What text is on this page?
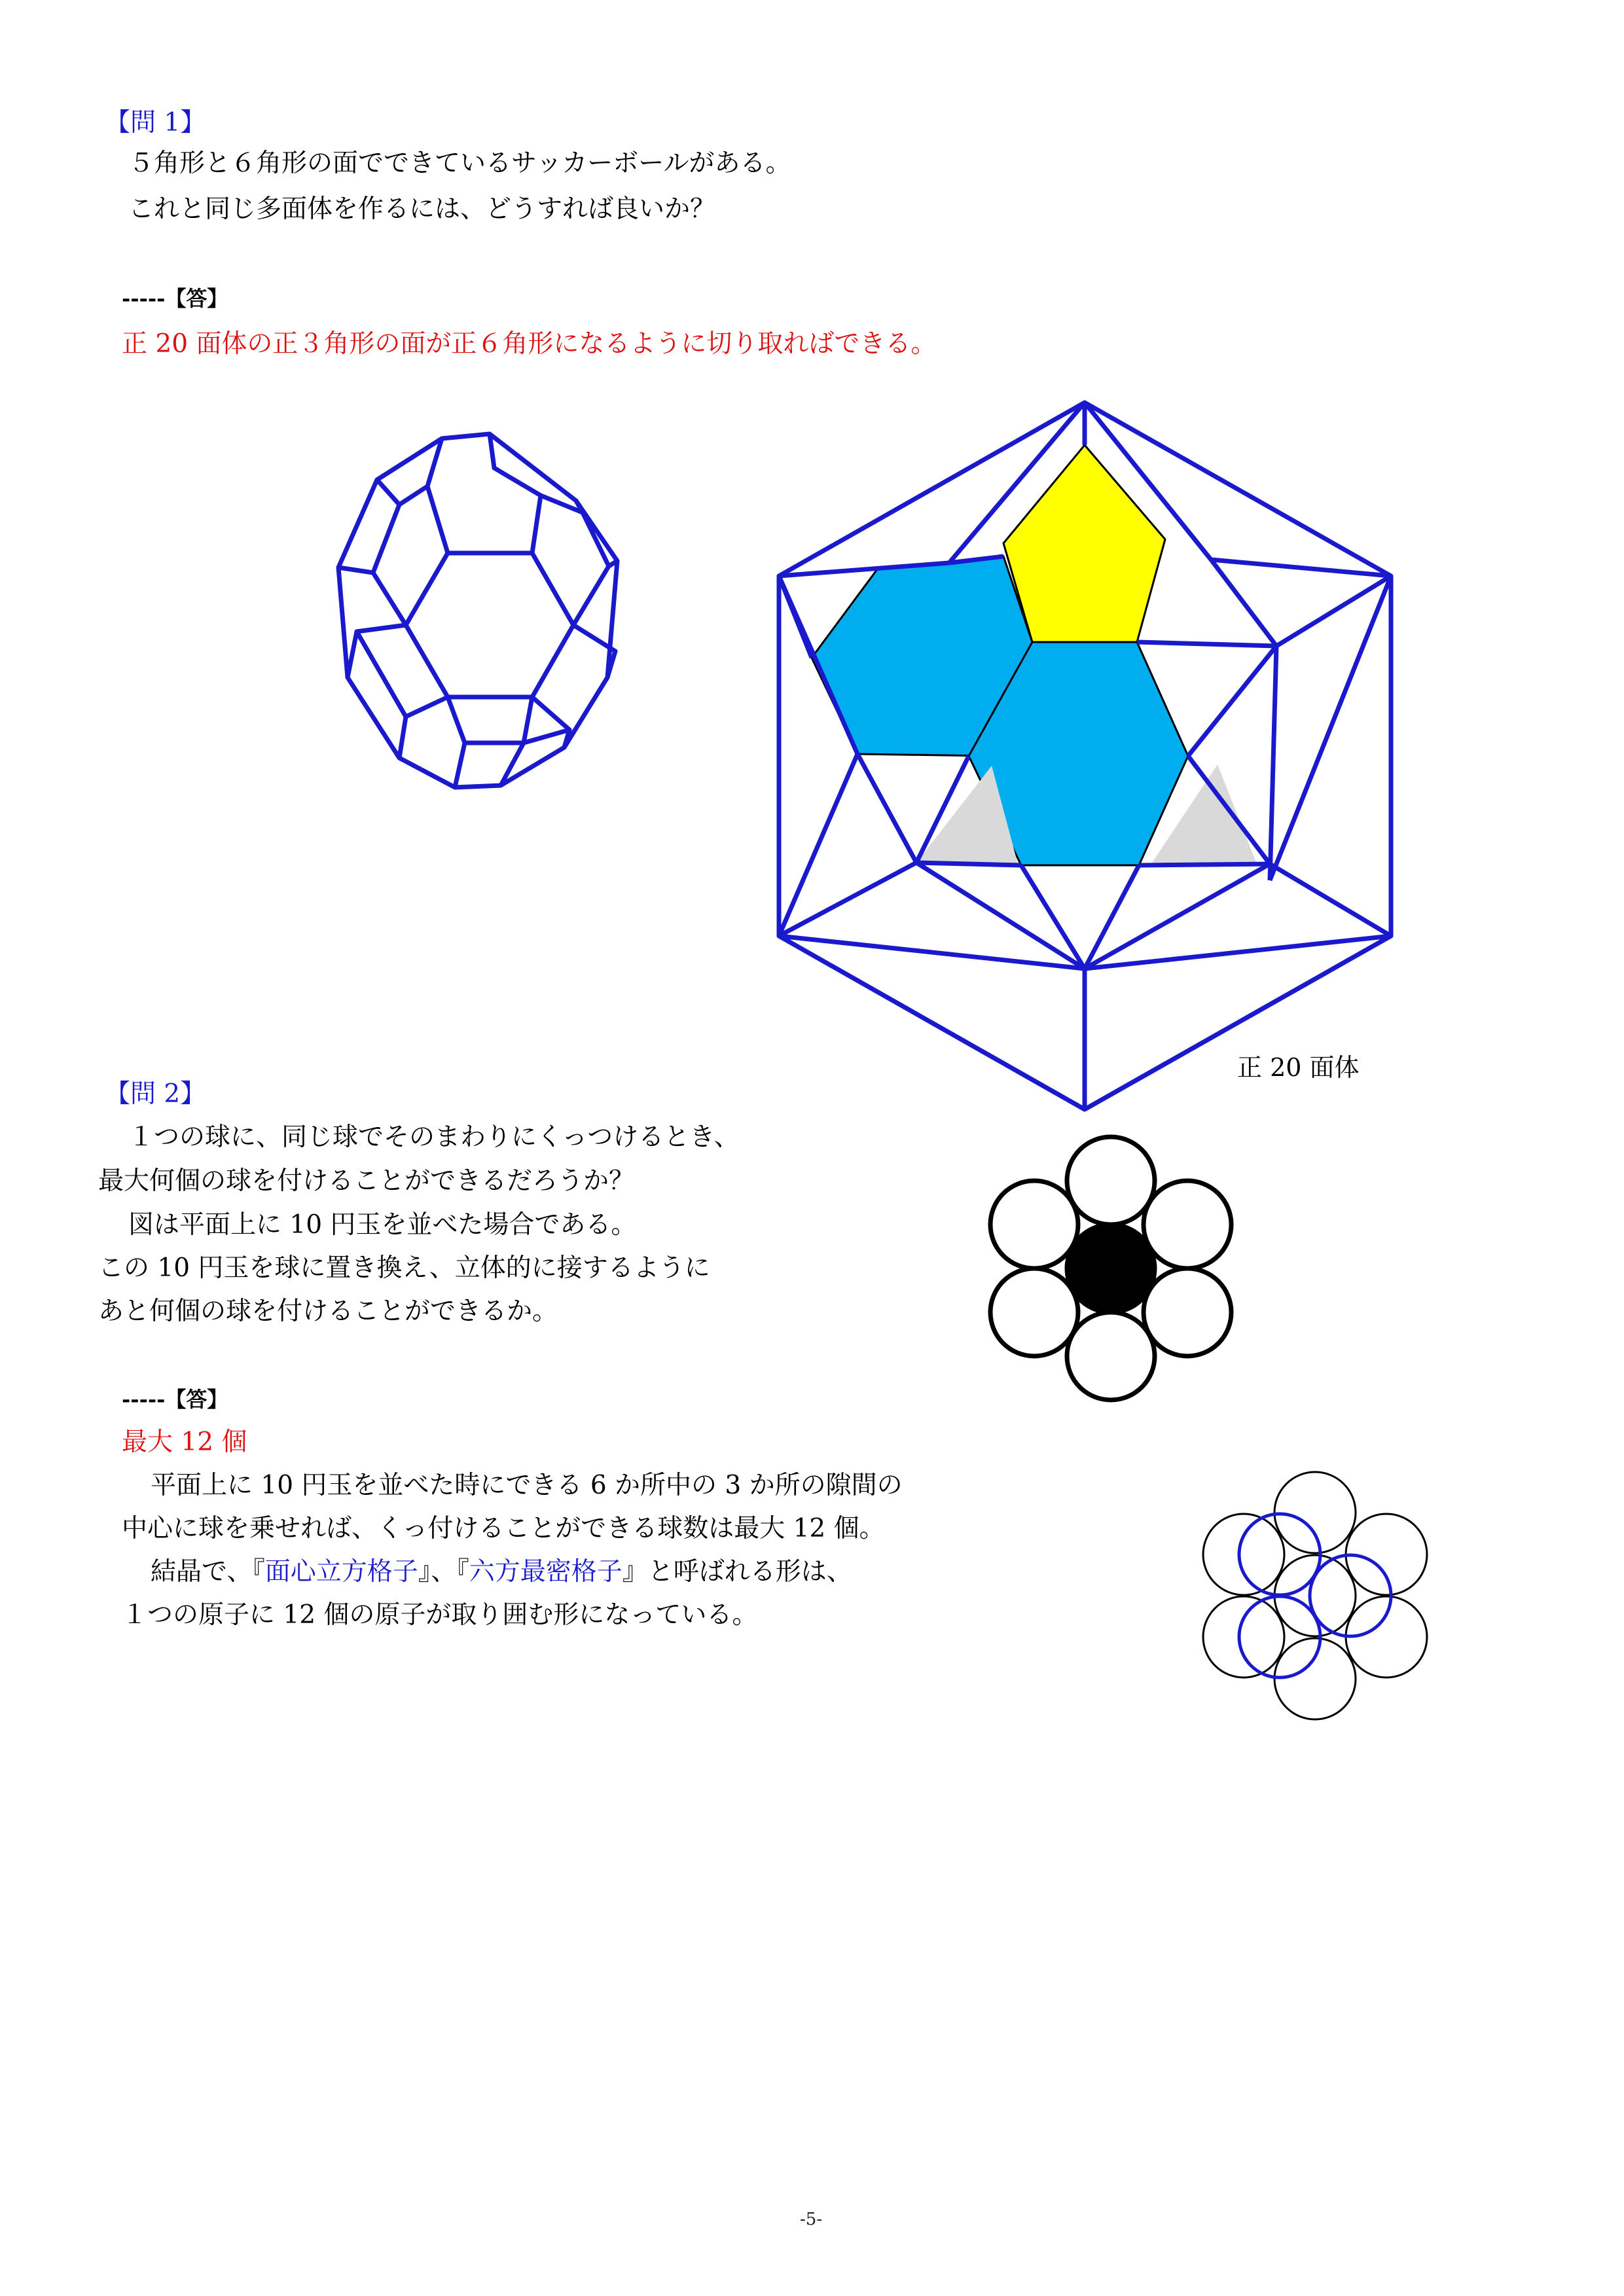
【問 1】
５角形と６角形の面でできているサッカーボールがある。
これと同じ多面体を作るには、どうすれば良いか？
-----【答】
正 20 面体の正３角形の面が正６角形になるように切り取ればできる。
正 20 面体
【問 2】
１つの球に、同じ球でそのまわりにくっつけるとき、
最大何個の球を付けることができるだろうか？
図は平面上に 10 円玉を並べた場合である。
この 10 円玉を球に置き換え、立体的に接するように
あと何個の球を付けることができるか。
-----【答】
最大 12 個
平面上に 10 円玉を並べた時にできる 6 か所中の 3 か所の隙間の
中心に球を乗せれば、くっ付けることができる球数は最大 12 個。
結晶で、『面心立方格子』、『六方最密格子』と呼ばれる形は、
１つの原子に 12 個の原子が取り囲む形になっている。
-5-
